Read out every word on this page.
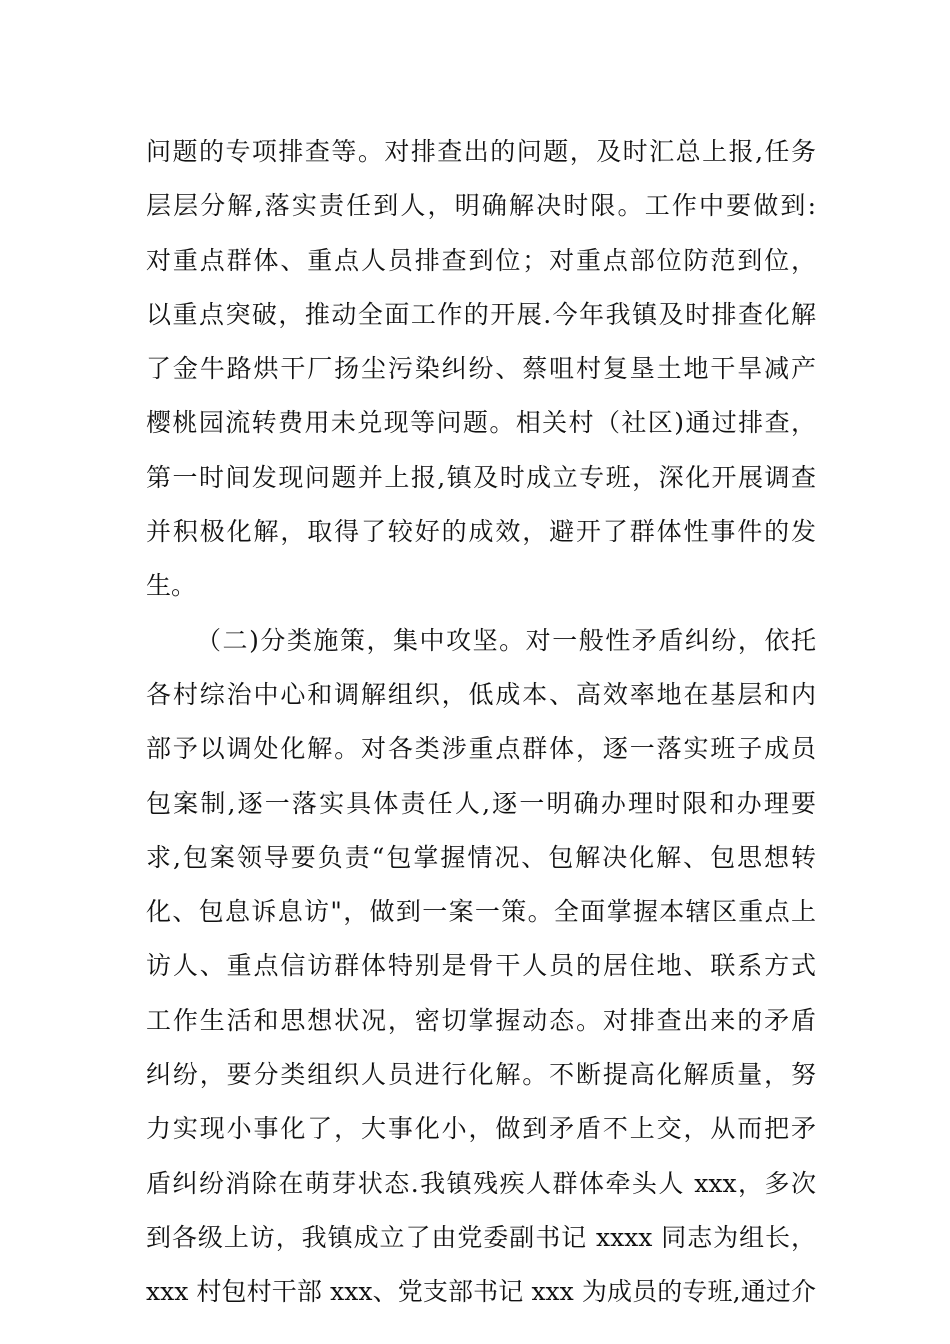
问题的专项排查等。对排查出的问题，及时汇总上报,任务
层层分解,落实责任到人，明确解决时限。工作中要做到:
对重点群体、重点人员排查到位；对重点部位防范到位，
以重点突破，推动全面工作的开展.今年我镇及时排查化解
了金牛路烘干厂扬尘污染纠纷、蔡咀村复垦土地干旱减产
樱桃园流转费用未兑现等问题。相关村（社区)通过排查，
第一时间发现问题并上报,镇及时成立专班，深化开展调查
并积极化解，取得了较好的成效，避开了群体性事件的发
生。
（二)分类施策，集中攻坚。对一般性矛盾纠纷，依托
各村综治中心和调解组织，低成本、高效率地在基层和内
部予以调处化解。对各类涉重点群体，逐一落实班子成员
包案制,逐一落实具体责任人,逐一明确办理时限和办理要
求,包案领导要负责“包掌握情况、包解决化解、包思想转
化、包息诉息访"，做到一案一策。全面掌握本辖区重点上
访人、重点信访群体特别是骨干人员的居住地、联系方式
工作生活和思想状况，密切掌握动态。对排查出来的矛盾
纠纷，要分类组织人员进行化解。不断提高化解质量，努
力实现小事化了，大事化小，做到矛盾不上交，从而把矛
盾纠纷消除在萌芽状态.我镇残疾人群体牵头人 xxx，多次
到各级上访，我镇成立了由党委副书记 xxxx 同志为组长，
xxx 村包村干部 xxx、党支部书记 xxx 为成员的专班,通过介
